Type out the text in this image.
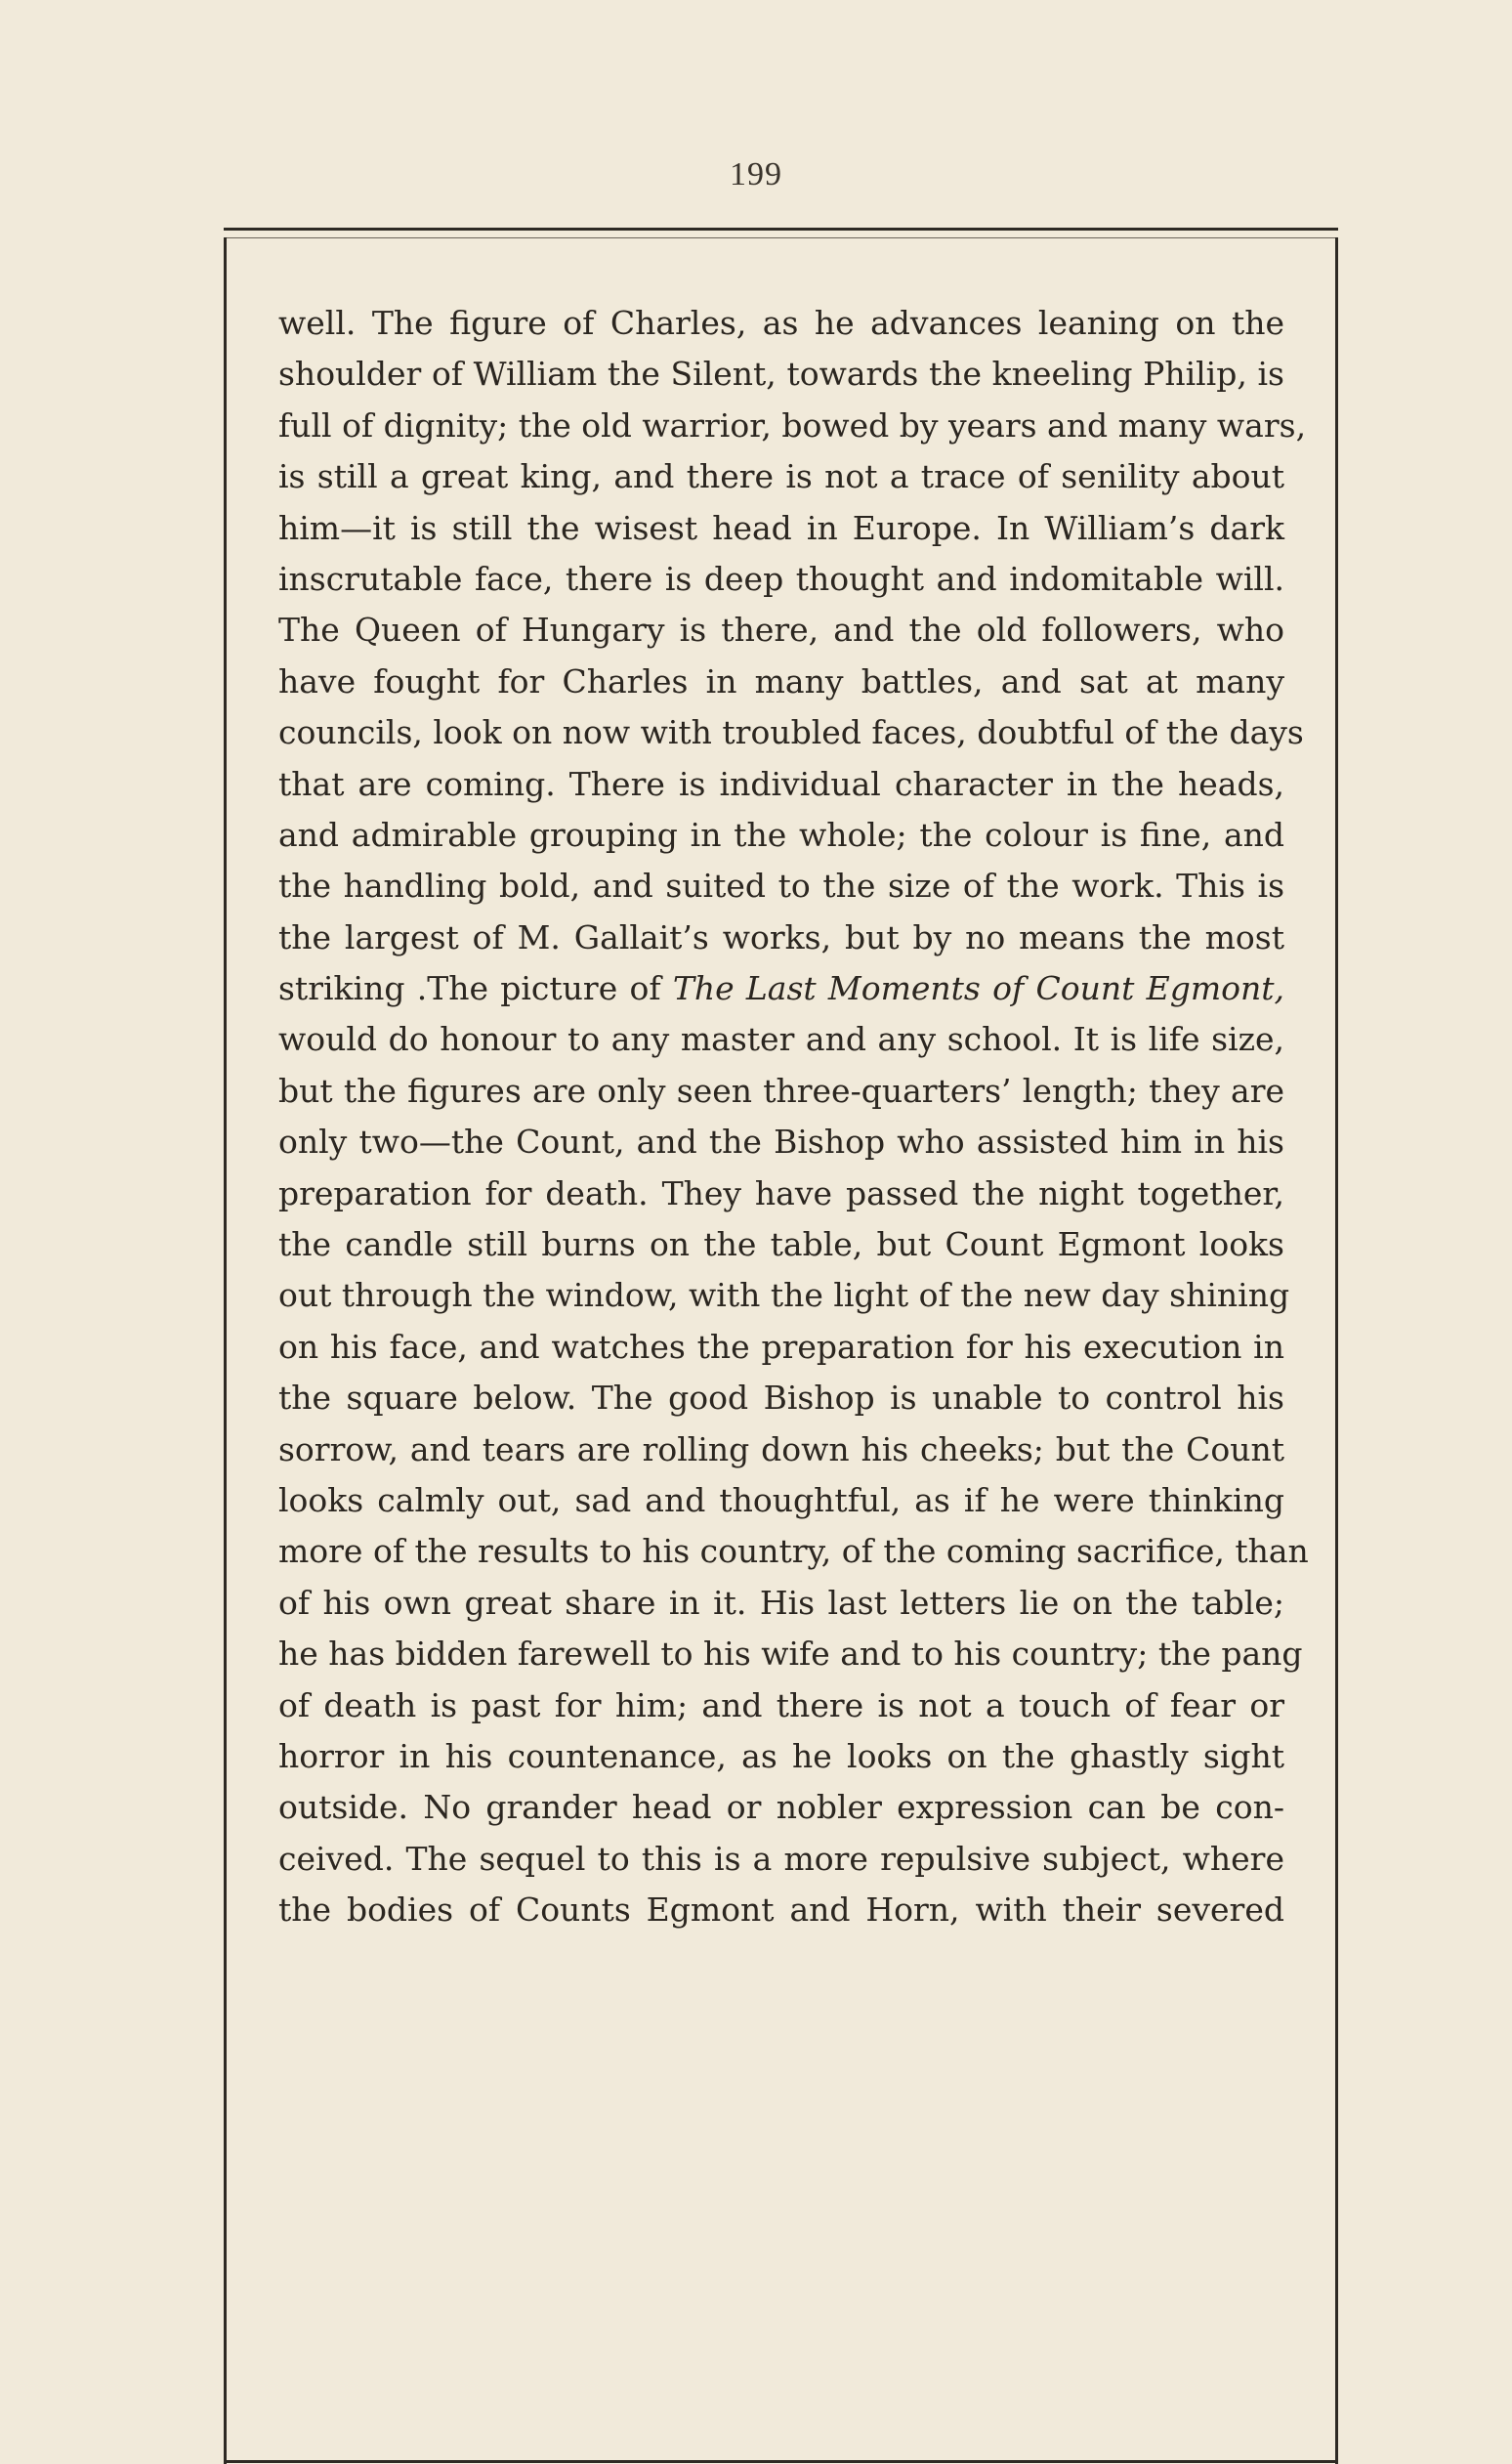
199
well. The figure of Charles, as he advances leaning on the
shoulder of William the Silent, towards the kneeling Philip, is
full of dignity; the old warrior, bowed by years and many wars,
is still a great king, and there is not a trace of senility about
him—it is still the wisest head in Europe. In William’s dark
inscrutable face, there is deep thought and indomitable will.
The Queen of Hungary is there, and the old followers, who
have fought for Charles in many battles, and sat at many
councils, look on now with troubled faces, doubtful of the days
that are coming. There is individual character in the heads,
and admirable grouping in the whole; the colour is fine, and
the handling bold, and suited to the size of the work. This is
the largest of M. Gallait’s works, but by no means the most
striking .The picture of The Last Moments of Count Egmont,
would do honour to any master and any school. It is life size,
but the figures are only seen three-quarters’ length; they are
only two—the Count, and the Bishop who assisted him in his
preparation for death. They have passed the night together,
the candle still burns on the table, but Count Egmont looks
out through the window, with the light of the new day shining
on his face, and watches the preparation for his execution in
the square below. The good Bishop is unable to control his
sorrow, and tears are rolling down his cheeks; but the Count
looks calmly out, sad and thoughtful, as if he were thinking
more of the results to his country, of the coming sacrifice, than
of his own great share in it. His last letters lie on the table;
he has bidden farewell to his wife and to his country; the pang
of death is past for him; and there is not a touch of fear or
horror in his countenance, as he looks on the ghastly sight
outside. No grander head or nobler expression can be con-
ceived. The sequel to this is a more repulsive subject, where
the bodies of Counts Egmont and Horn, with their severed
